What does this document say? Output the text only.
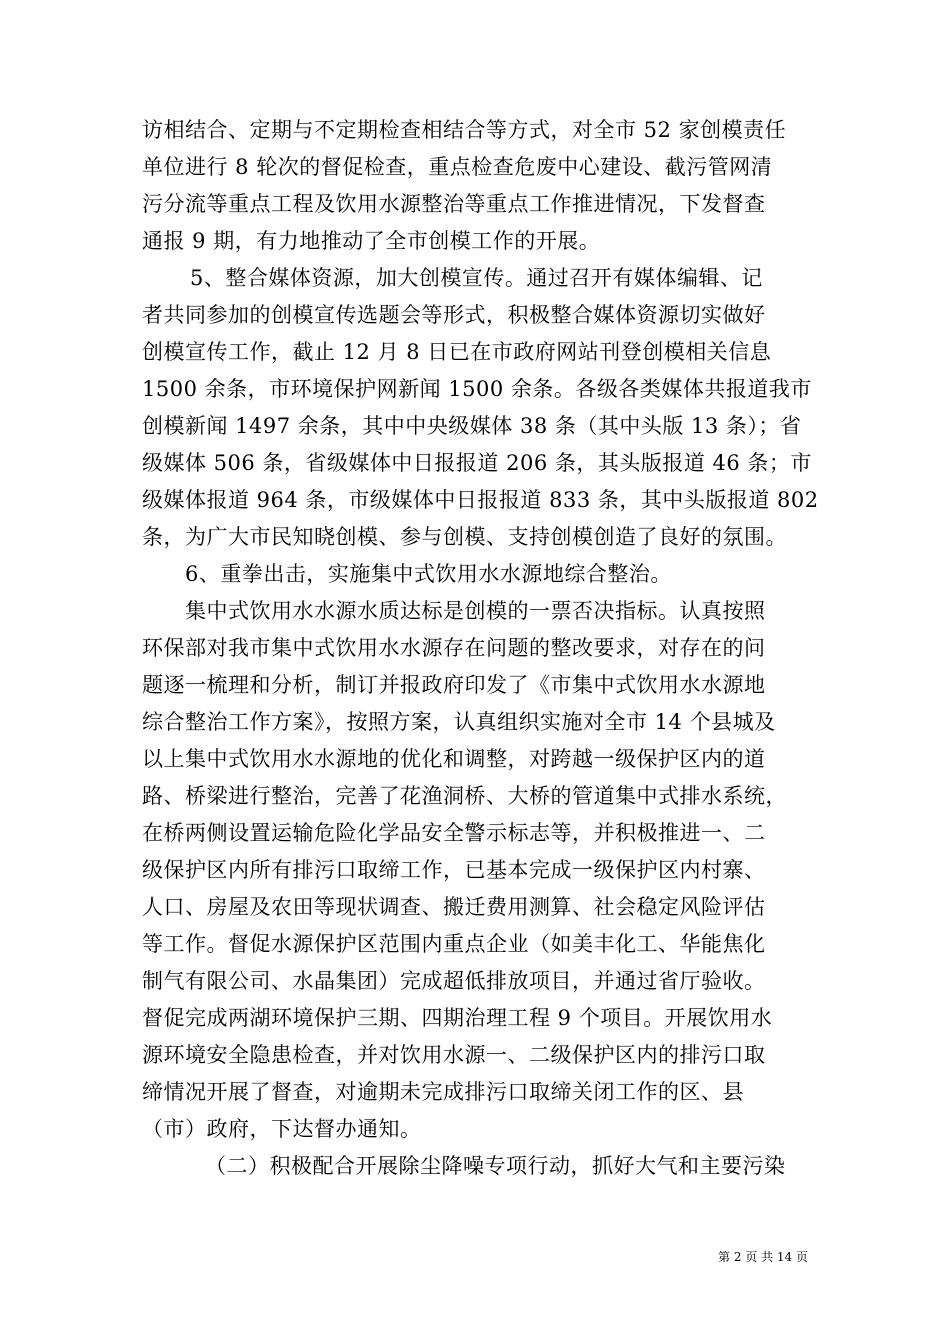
访相结合、定期与不定期检查相结合等方式，对全市 52 家创模责任
单位进行 8 轮次的督促检查，重点检查危废中心建设、截污管网清
污分流等重点工程及饮用水源整治等重点工作推进情况，下发督查
通报 9 期，有力地推动了全市创模工作的开展。
5、整合媒体资源，加大创模宣传。通过召开有媒体编辑、记
者共同参加的创模宣传选题会等形式，积极整合媒体资源切实做好
创模宣传工作，截止 12 月 8 日已在市政府网站刊登创模相关信息
1500 余条，市环境保护网新闻 1500 余条。各级各类媒体共报道我市
创模新闻 1497 余条，其中中央级媒体 38 条（其中头版 13 条）；省
级媒体 506 条，省级媒体中日报报道 206 条，其头版报道 46 条；市
级媒体报道 964 条，市级媒体中日报报道 833 条，其中头版报道 802
条，为广大市民知晓创模、参与创模、支持创模创造了良好的氛围。
6、重拳出击，实施集中式饮用水水源地综合整治。
集中式饮用水水源水质达标是创模的一票否决指标。认真按照
环保部对我市集中式饮用水水源存在问题的整改要求，对存在的问
题逐一梳理和分析，制订并报政府印发了《市集中式饮用水水源地
综合整治工作方案》，按照方案，认真组织实施对全市 14 个县城及
以上集中式饮用水水源地的优化和调整，对跨越一级保护区内的道
路、桥梁进行整治，完善了花渔洞桥、大桥的管道集中式排水系统，
在桥两侧设置运输危险化学品安全警示标志等，并积极推进一、二
级保护区内所有排污口取缔工作，已基本完成一级保护区内村寨、
人口、房屋及农田等现状调查、搬迁费用测算、社会稳定风险评估
等工作。督促水源保护区范围内重点企业（如美丰化工、华能焦化
制气有限公司、水晶集团）完成超低排放项目，并通过省厅验收。
督促完成两湖环境保护三期、四期治理工程 9 个项目。开展饮用水
源环境安全隐患检查，并对饮用水源一、二级保护区内的排污口取
缔情况开展了督查，对逾期未完成排污口取缔关闭工作的区、县
（市）政府，下达督办通知。
（二）积极配合开展除尘降噪专项行动，抓好大气和主要污染
第 2 页 共 14 页
